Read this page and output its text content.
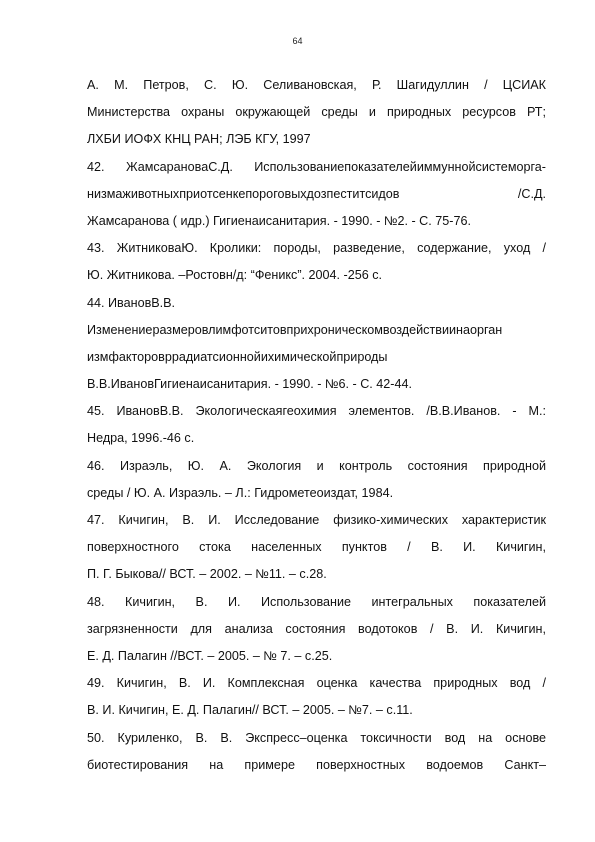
64
А. М. Петров, С. Ю. Селивановская, Р. Шагидуллин / ЦСИАК
Министерства охраны окружающей среды и природных ресурсов РТ;
ЛХБИ ИОФХ КНЦ РАН; ЛЭБ КГУ, 1997
42. ЖамсарановаС.Д. Использованиепоказателейиммуннойсистеморга-
низмаживотныхприотсенкепороговыхдозпеститсидов /С.Д.
Жамсаранова ( идр.) Гигиенаисанитария. - 1990. - №2. - С. 75-76.
43. ЖитниковаЮ. Кролики: породы, разведение, содержание, уход /
Ю. Житникова. –Ростовн/д: “Феникс”. 2004. -256 с.
44. ИвановВ.В.
Изменениеразмеровлимфотситовприхроническомвоздействиинаорган
измфакторовррадиатсионнойихимическойприроды
В.В.ИвановГигиенаисанитария. - 1990. - №6. - С. 42-44.
45. ИвановВ.В. Экологическаягеохимия элементов. /В.В.Иванов. - М.:
Недра, 1996.-46 с.
46. Израэль, Ю. А. Экология и контроль состояния природной
среды / Ю. А. Израэль. – Л.: Гидрометеоиздат, 1984.
47. Кичигин, В. И. Исследование физико-химических характеристик
поверхностного стока населенных пунктов / В. И. Кичигин,
П. Г. Быкова// ВСТ. – 2002. – №11. – с.28.
48. Кичигин, В. И. Использование интегральных показателей
загрязненности для анализа состояния водотоков / В. И. Кичигин,
Е. Д. Палагин //ВСТ. – 2005. – № 7. – с.25.
49. Кичигин, В. И. Комплексная оценка качества природных вод /
В. И. Кичигин, Е. Д. Палагин// ВСТ. – 2005. – №7. – с.11.
50. Куриленко, В. В. Экспресс–оценка токсичности вод на основе
биотестирования на примере поверхностных водоемов Санкт–
